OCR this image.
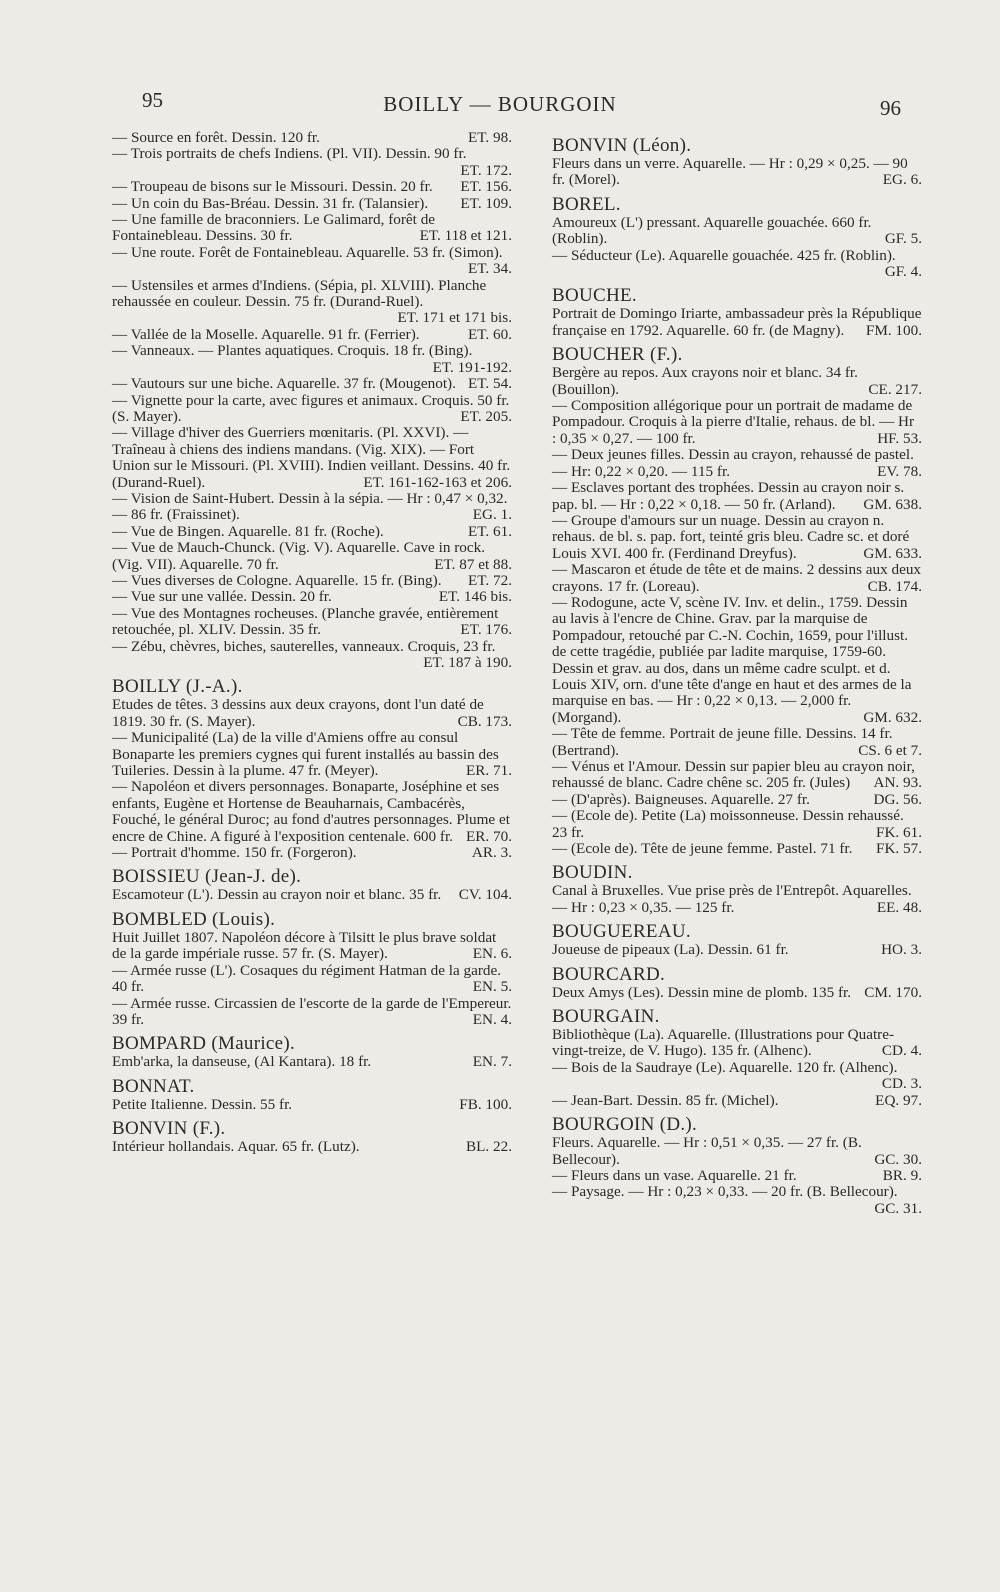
95	BOILLY — BOURGOIN	96
— Source en forêt. Dessin. 120 fr.	ET. 98.
— Trois portraits de chefs Indiens. (Pl. VII). Dessin. 90 fr.
ET. 172.
— Troupeau de bisons sur le Missouri. Dessin. 20 fr. ET. 156.
— Un coin du Bas-Bréau. Dessin. 31 fr. (Talansier). ET. 109.
— Une famille de braconniers. Le Galimard, forêt de Fontainebleau. Dessins. 30 fr.	ET. 118 et 121.
— Une route. Forêt de Fontainebleau. Aquarelle. 53 fr. (Simon).
ET. 34.
— Ustensiles et armes d'Indiens. (Sépia, pl. XLVIII). Planche rehaussée en couleur. Dessin. 75 fr. (Durand-Ruel).
ET. 171 et 171 bis.
— Vallée de la Moselle. Aquarelle. 91 fr. (Ferrier).	ET. 60.
— Vanneaux. — Plantes aquatiques. Croquis. 18 fr. (Bing).
ET. 191-192.
— Vautours sur une biche. Aquarelle. 37 fr. (Mougenot). ET. 54.
— Vignette pour la carte, avec figures et animaux. Croquis. 50 fr. (S. Mayer).	ET. 205.
— Village d'hiver des Guerriers mœnitaris. (Pl. XXVI). — Traîneau à chiens des indiens mandans. (Vig. XIX). — Fort Union sur le Missouri. (Pl. XVIII). Indien veillant. Dessins. 40 fr. (Durand-Ruel).	ET. 161-162-163 et 206.
— Vision de Saint-Hubert. Dessin à la sépia. — Hr : 0,47 × 0,32. — 86 fr. (Fraissinet).	EG. 1.
— Vue de Bingen. Aquarelle. 81 fr. (Roche).	ET. 61.
— Vue de Mauch-Chunck. (Vig. V). Aquarelle. Cave in rock. (Vig. VII). Aquarelle. 70 fr.	ET. 87 et 88.
— Vues diverses de Cologne. Aquarelle. 15 fr. (Bing). ET. 72.
— Vue sur une vallée. Dessin. 20 fr.	ET. 146 bis.
— Vue des Montagnes rocheuses. (Planche gravée, entièrement retouchée, pl. XLIV. Dessin. 35 fr.	ET. 176.
— Zébu, chèvres, biches, sauterelles, vanneaux. Croquis, 23 fr.
ET. 187 à 190.
BOILLY (J.-A.).
Etudes de têtes. 3 dessins aux deux crayons, dont l'un daté de 1819. 30 fr. (S. Mayer).	CB. 173.
— Municipalité (La) de la ville d'Amiens offre au consul Bonaparte les premiers cygnes qui furent installés au bassin des Tuileries. Dessin à la plume. 47 fr. (Meyer).	ER. 71.
— Napoléon et divers personnages. Bonaparte, Joséphine et ses enfants, Eugène et Hortense de Beauharnais, Cambacérès, Fouché, le général Duroc; au fond d'autres personnages. Plume et encre de Chine. A figuré à l'exposition centenale. 600 fr. ER. 70.
— Portrait d'homme. 150 fr. (Forgeron).	AR. 3.
BOISSIEU (Jean-J. de).
Escamoteur (L'). Dessin au crayon noir et blanc. 35 fr. CV. 104.
BOMBLED (Louis).
Huit Juillet 1807. Napoléon décore à Tilsitt le plus brave soldat de la garde impériale russe. 57 fr. (S. Mayer).	EN. 6.
— Armée russe (L'). Cosaques du régiment Hatman de la garde. 40 fr.	EN. 5.
— Armée russe. Circassien de l'escorte de la garde de l'Empereur. 39 fr.	EN. 4.
BOMPARD (Maurice).
Emb'arka, la danseuse, (Al Kantara). 18 fr.	EN. 7.
BONNAT.
Petite Italienne. Dessin. 55 fr.	FB. 100.
BONVIN (F.).
Intérieur hollandais. Aquar. 65 fr. (Lutz).	BL. 22.
BONVIN (Léon).
Fleurs dans un verre. Aquarelle. — Hr : 0,29 × 0,25. — 90 fr. (Morel).	EG. 6.
BOREL.
Amoureux (L') pressant. Aquarelle gouachée. 660 fr. (Roblin).	GF. 5.
— Séducteur (Le). Aquarelle gouachée. 425 fr. (Roblin).
GF. 4.
BOUCHE.
Portrait de Domingo Iriarte, ambassadeur près la République française en 1792. Aquarelle. 60 fr. (de Magny). FM. 100.
BOUCHER (F.).
Bergère au repos. Aux crayons noir et blanc. 34 fr. (Bouillon).	CE. 217.
— Composition allégorique pour un portrait de madame de Pompadour. Croquis à la pierre d'Italie, rehaus. de bl. — Hr : 0,35 × 0,27. — 100 fr.	HF. 53.
— Deux jeunes filles. Dessin au crayon, rehaussé de pastel. — Hr: 0,22 × 0,20. — 115 fr.	EV. 78.
— Esclaves portant des trophées. Dessin au crayon noir s. pap. bl. — Hr : 0,22 × 0,18. — 50 fr. (Arland). GM. 638.
— Groupe d'amours sur un nuage. Dessin au crayon n. rehaus. de bl. s. pap. fort, teinté gris bleu. Cadre sc. et doré Louis XVI. 400 fr. (Ferdinand Dreyfus).	GM. 633.
— Mascaron et étude de tête et de mains. 2 dessins aux deux crayons. 17 fr. (Loreau).	CB. 174.
— Rodogune, acte V, scène IV. Inv. et delin., 1759. Dessin au lavis à l'encre de Chine. Grav. par la marquise de Pompadour, retouché par C.-N. Cochin, 1659, pour l'illust. de cette tragédie, publiée par ladite marquise, 1759-60. Dessin et grav. au dos, dans un même cadre sculpt. et d. Louis XIV, orn. d'une tête d'ange en haut et des armes de la marquise en bas. — Hr : 0,22 × 0,13. — 2,000 fr. (Morgand).	GM. 632.
— Tête de femme. Portrait de jeune fille. Dessins. 14 fr. (Bertrand).	CS. 6 et 7.
— Vénus et l'Amour. Dessin sur papier bleu au crayon noir, rehaussé de blanc. Cadre chêne sc. 205 fr. (Jules) AN. 93.
— (D'après). Baigneuses. Aquarelle. 27 fr.	DG. 56.
— (Ecole de). Petite (La) moissonneuse. Dessin rehaussé. 23 fr.	FK. 61.
— (Ecole de). Tête de jeune femme. Pastel. 71 fr. FK. 57.
BOUDIN.
Canal à Bruxelles. Vue prise près de l'Entrepôt. Aquarelles.— Hr : 0,23 × 0,35. — 125 fr.	EE. 48.
BOUGUEREAU.
Joueuse de pipeaux (La). Dessin. 61 fr.	HO. 3.
BOURCARD.
Deux Amys (Les). Dessin mine de plomb. 135 fr. CM. 170.
BOURGAIN.
Bibliothèque (La). Aquarelle. (Illustrations pour Quatre-vingt-treize, de V. Hugo). 135 fr. (Alhenc).	CD. 4.
— Bois de la Saudraye (Le). Aquarelle. 120 fr. (Alhenc).
CD. 3.
— Jean-Bart. Dessin. 85 fr. (Michel).	EQ. 97.
BOURGOIN (D.).
Fleurs. Aquarelle. — Hr : 0,51 × 0,35. — 27 fr. (B. Bellecour).	GC. 30.
— Fleurs dans un vase. Aquarelle. 21 fr.	BR. 9.
— Paysage. — Hr : 0,23 × 0,33. — 20 fr. (B. Bellecour).
GC. 31.
